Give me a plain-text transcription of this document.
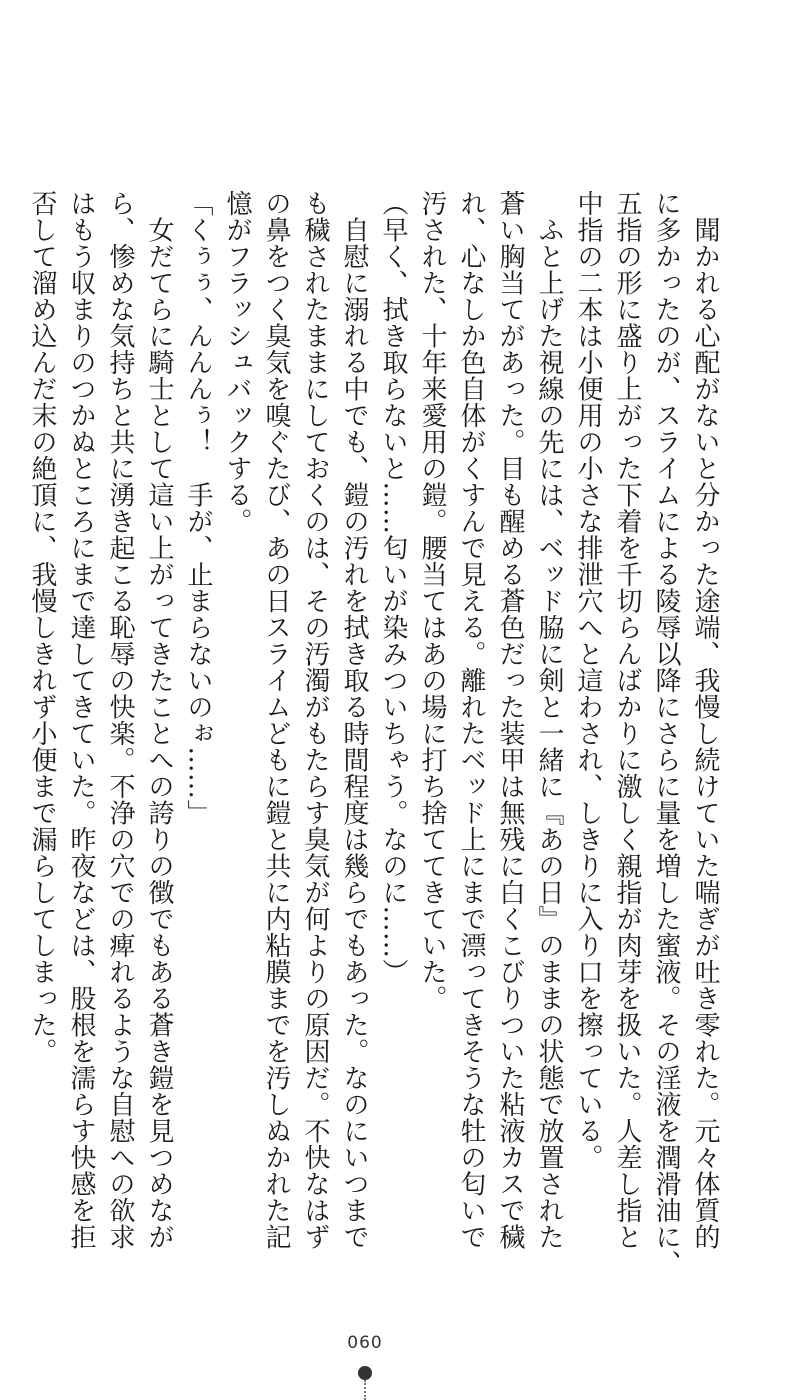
　聞かれる心配がないと分かった途端、我慢し続けていた喘ぎが吐き零れた。元々体質的
に多かったのが、スライムによる陵辱以降にさらに量を増した蜜液。その淫液を潤滑油に、
五指の形に盛り上がった下着を千切らんばかりに激しく親指が肉芽を扱いた。人差し指と
中指の二本は小便用の小さな排泄穴へと這わされ、しきりに入り口を擦っている。
　ふと上げた視線の先には、ベッド脇に剣と一緒に『あの日』のままの状態で放置された
蒼い胸当てがあった。目も醒める蒼色だった装甲は無残に白くこびりついた粘液カスで穢
れ、心なしか色自体がくすんで見える。離れたベッド上にまで漂ってきそうな牡の匂いで
汚された、十年来愛用の鎧。腰当てはあの場に打ち捨ててきていた。
（早く、拭き取らないと……匂いが染みついちゃう。なのに……）
　自慰に溺れる中でも、鎧の汚れを拭き取る時間程度は幾らでもあった。なのにいつまで
も穢されたままにしておくのは、その汚濁がもたらす臭気が何よりの原因だ。不快なはず
の鼻をつく臭気を嗅ぐたび、あの日スライムどもに鎧と共に内粘膜までを汚しぬかれた記
憶がフラッシュバックする。
「くぅぅ、んんんぅ！　手が、止まらないのぉ……」
　女だてらに騎士として這い上がってきたことへの誇りの徴でもある蒼き鎧を見つめなが
ら、惨めな気持ちと共に湧き起こる恥辱の快楽。不浄の穴での痺れるような自慰への欲求
はもう収まりのつかぬところにまで達してきていた。昨夜などは、股根を濡らす快感を拒
否して溜め込んだ末の絶頂に、我慢しきれず小便まで漏らしてしまった。
060
